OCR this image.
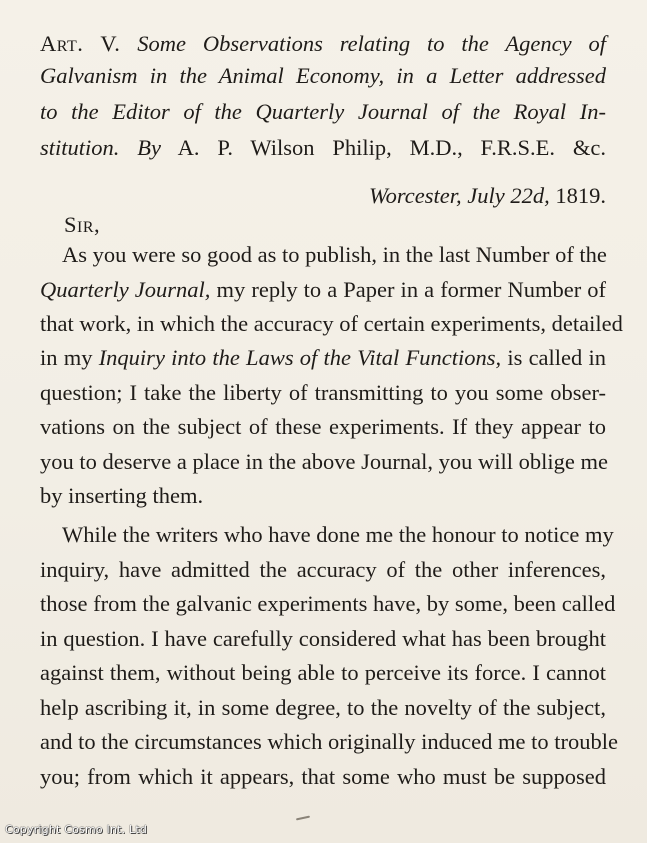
Art. V. Some Observations relating to the Agency of
Galvanism in the Animal Economy, in a Letter addressed
to the Editor of the Quarterly Journal of the Royal In-
stitution. By A. P. Wilson Philip, M.D., F.R.S.E. &c.
Worcester, July 22d, 1819.
Sir,
As you were so good as to publish, in the last Number of the
Quarterly Journal, my reply to a Paper in a former Number of
that work, in which the accuracy of certain experiments, detailed
in my Inquiry into the Laws of the Vital Functions, is called in
question; I take the liberty of transmitting to you some obser-
vations on the subject of these experiments. If they appear to
you to deserve a place in the above Journal, you will oblige me
by inserting them.
While the writers who have done me the honour to notice my
inquiry, have admitted the accuracy of the other inferences,
those from the galvanic experiments have, by some, been called
in question. I have carefully considered what has been brought
against them, without being able to perceive its force. I cannot
help ascribing it, in some degree, to the novelty of the subject,
and to the circumstances which originally induced me to trouble
you; from which it appears, that some who must be supposed
Copyright Cosmo Int. Ltd
